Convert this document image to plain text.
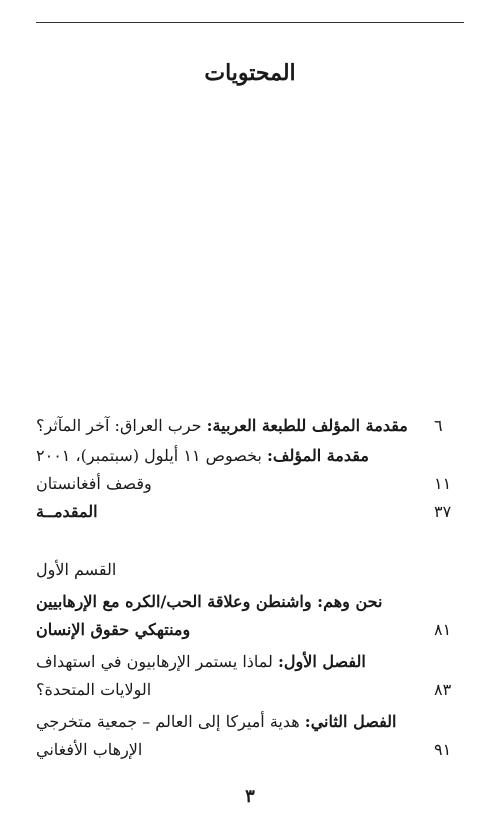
المحتويات
مقدمة المؤلف للطبعة العربية: حرب العراق: آخر المآثر؟	٦
مقدمة المؤلف: بخصوص ١١ أيلول (سبتمبر)، ٢٠٠١
وقصف أفغانستان	١١
المقدمــة	٣٧
القسم الأول
نحن وهم: واشنطن وعلاقة الحب/الكره مع الإرهابيين
ومنتهكي حقوق الإنسان	٨١
الفصل الأول: لماذا يستمر الإرهابيون في استهداف
الولايات المتحدة؟	٨٣
الفصل الثاني: هدية أميركا إلى العالم – جمعية متخرجي
الإرهاب الأفغاني	٩١
٣
